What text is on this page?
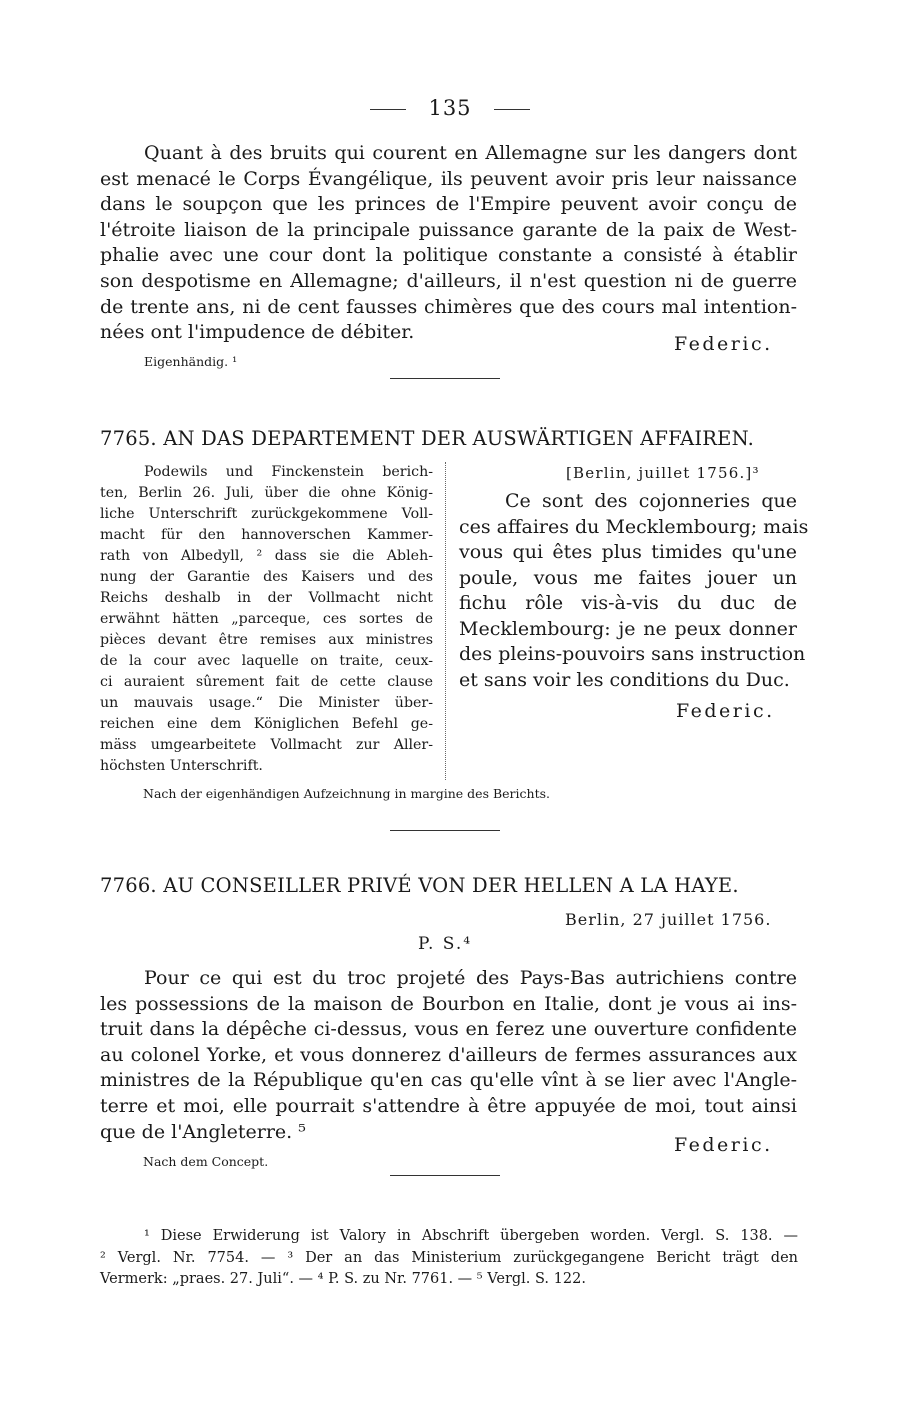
135
Quant à des bruits qui courent en Allemagne sur les dangers dont
est menacé le Corps Évangélique, ils peuvent avoir pris leur naissance
dans le soupçon que les princes de l'Empire peuvent avoir conçu de
l'étroite liaison de la principale puissance garante de la paix de West-
phalie avec une cour dont la politique constante a consisté à établir
son despotisme en Allemagne; d'ailleurs, il n'est question ni de guerre
de trente ans, ni de cent fausses chimères que des cours mal intention-
nées ont l'impudence de débiter.
Federic.
Eigenhändig. ¹
7765. AN DAS DEPARTEMENT DER AUSWÄRTIGEN AFFAIREN.
Podewils und Finckenstein berich-
ten, Berlin 26. Juli, über die ohne König-
liche Unterschrift zurückgekommene Voll-
macht für den hannoverschen Kammer-
rath von Albedyll, ² dass sie die Ableh-
nung der Garantie des Kaisers und des
Reichs deshalb in der Vollmacht nicht
erwähnt hätten „parceque, ces sortes de
pièces devant être remises aux ministres
de la cour avec laquelle on traite, ceux-
ci auraient sûrement fait de cette clause
un mauvais usage.“ Die Minister über-
reichen eine dem Königlichen Befehl ge-
mäss umgearbeitete Vollmacht zur Aller-
höchsten Unterschrift.
[Berlin, juillet 1756.]³
Ce sont des cojonneries que
ces affaires du Mecklembourg; mais
vous qui êtes plus timides qu'une
poule, vous me faites jouer un
fichu rôle vis-à-vis du duc de
Mecklembourg: je ne peux donner
des pleins-pouvoirs sans instruction
et sans voir les conditions du Duc.
Federic.
Nach der eigenhändigen Aufzeichnung in margine des Berichts.
7766. AU CONSEILLER PRIVÉ VON DER HELLEN A LA HAYE.
Berlin, 27 juillet 1756.
P. S.⁴
Pour ce qui est du troc projeté des Pays-Bas autrichiens contre
les possessions de la maison de Bourbon en Italie, dont je vous ai ins-
truit dans la dépêche ci-dessus, vous en ferez une ouverture confidente
au colonel Yorke, et vous donnerez d'ailleurs de fermes assurances aux
ministres de la République qu'en cas qu'elle vînt à se lier avec l'Angle-
terre et moi, elle pourrait s'attendre à être appuyée de moi, tout ainsi
que de l'Angleterre. ⁵
Federic.
Nach dem Concept.
¹ Diese Erwiderung ist Valory in Abschrift übergeben worden. Vergl. S. 138. —
² Vergl. Nr. 7754. — ³ Der an das Ministerium zurückgegangene Bericht trägt den
Vermerk: „praes. 27. Juli“. — ⁴ P. S. zu Nr. 7761. — ⁵ Vergl. S. 122.
